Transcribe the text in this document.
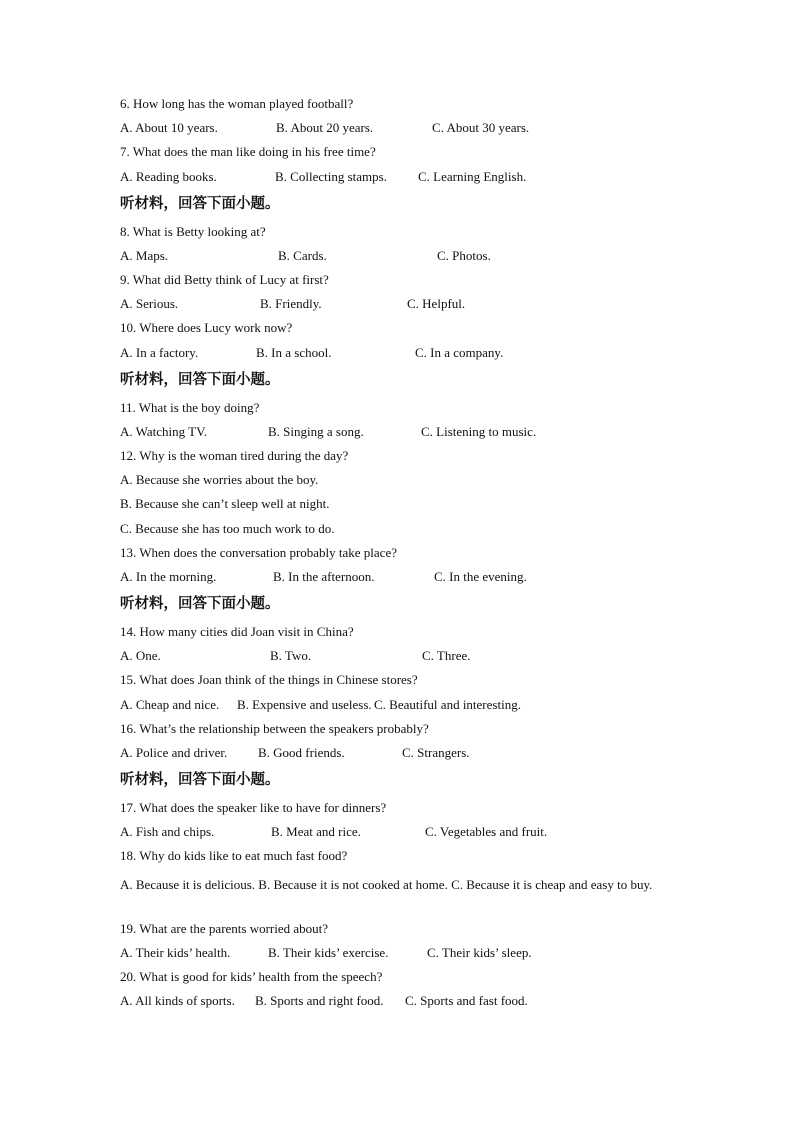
6. How long has the woman played football?
A. About 10 years.	B. About 20 years.	C. About 30 years.
7. What does the man like doing in his free time?
A. Reading books.	B. Collecting stamps. C. Learning English.
听材料，回答下面小题。
8. What is Betty looking at?
A. Maps.	B. Cards.	C. Photos.
9. What did Betty think of Lucy at first?
A. Serious.	B. Friendly.	C. Helpful.
10. Where does Lucy work now?
A. In a factory.	B. In a school.	C. In a company.
听材料，回答下面小题。
11. What is the boy doing?
A. Watching TV.	B. Singing a song.	C. Listening to music.
12. Why is the woman tired during the day?
A. Because she worries about the boy.
B. Because she can’t sleep well at night.
C. Because she has too much work to do.
13. When does the conversation probably take place?
A. In the morning.	B. In the afternoon.	C. In the evening.
听材料，回答下面小题。
14. How many cities did Joan visit in China?
A. One.	B. Two.	C. Three.
15. What does Joan think of the things in Chinese stores?
A. Cheap and nice. B. Expensive and useless. C. Beautiful and interesting.
16. What’s the relationship between the speakers probably?
A. Police and driver. B. Good friends.	C. Strangers.
听材料，回答下面小题。
17. What does the speaker like to have for dinners?
A. Fish and chips.	B. Meat and rice.	C. Vegetables and fruit.
18. Why do kids like to eat much fast food?
A. Because it is delicious. B. Because it is not cooked at home. C. Because it is cheap and easy to buy.
19. What are the parents worried about?
A. Their kids’ health.	B. Their kids’ exercise.	C. Their kids’ sleep.
20. What is good for kids’ health from the speech?
A. All kinds of sports. B. Sports and right food. C. Sports and fast food.
